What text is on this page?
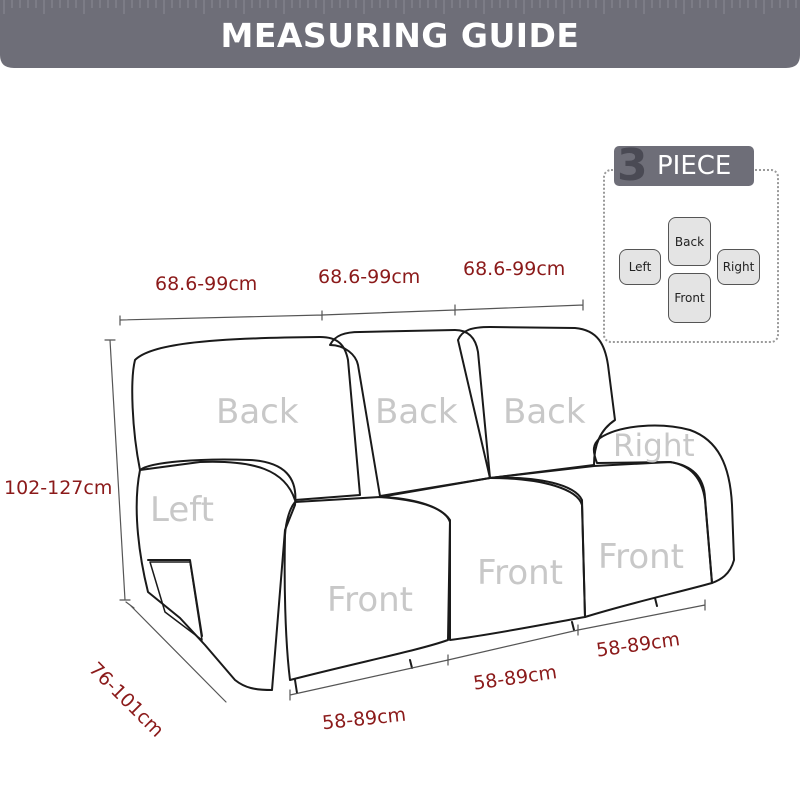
MEASURING GUIDE
Back Back Back
Left
Right
Front
Front Front
68.6-99cm	68.6-99cm 68.6-99cm
102-127cm
76-101cm	58-89cm
58-89cm
58-89cm
3 PIECE
Back
Left	Right
Front
